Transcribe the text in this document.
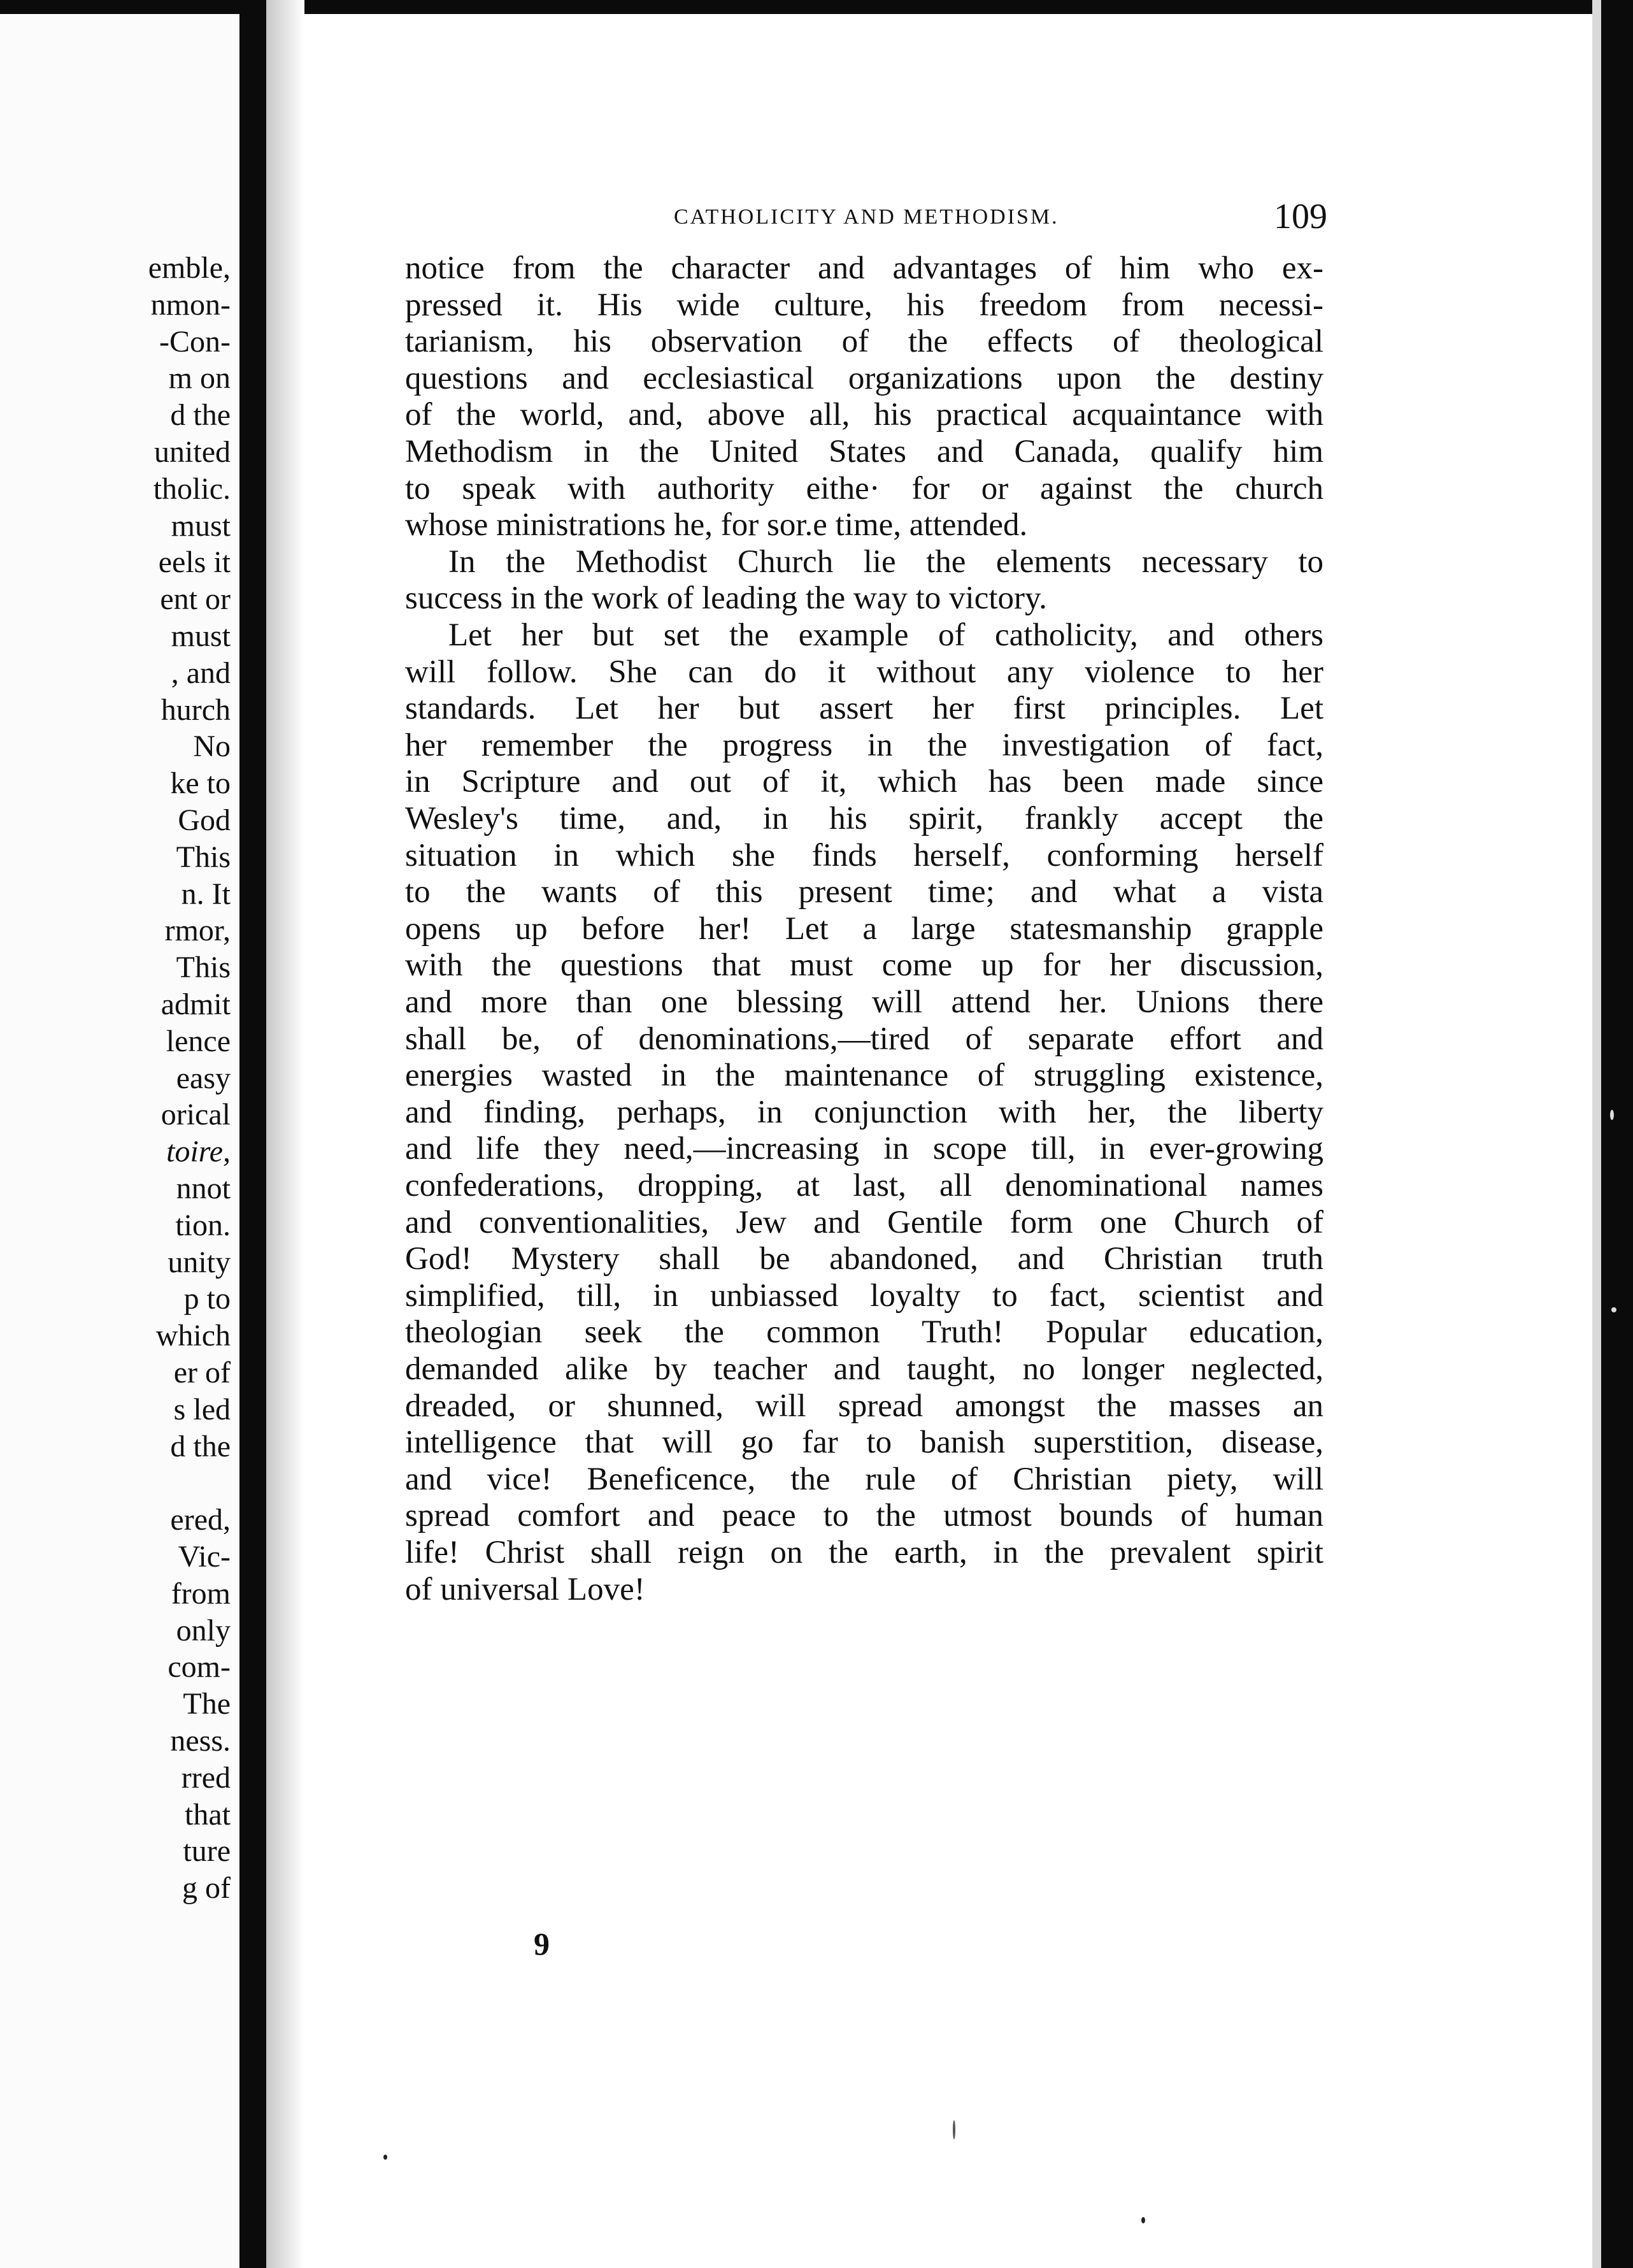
emble,
nmon-
-Con-
m on
d the
united
tholic.
must
eels it
ent or
must
, and
hurch
No
ke to
God
This
n. It
rmor,
This
admit
lence
easy
orical
toire,
nnot
tion.
unity
p to
which
er of
s led
d the
ered,
Vic-
from
only
com-
The
ness.
rred
that
ture
g of
CATHOLICITY AND METHODISM.	109
notice from the character and advantages of him who ex-
pressed it. His wide culture, his freedom from necessi-
tarianism, his observation of the effects of theological
questions and ecclesiastical organizations upon the destiny
of the world, and, above all, his practical acquaintance with
Methodism in the United States and Canada, qualify him
to speak with authority eithe· for or against the church
whose ministrations he, for sor.e time, attended.
In the Methodist Church lie the elements necessary to
success in the work of leading the way to victory.
Let her but set the example of catholicity, and others
will follow. She can do it without any violence to her
standards. Let her but assert her first principles. Let
her remember the progress in the investigation of fact,
in Scripture and out of it, which has been made since
Wesley's time, and, in his spirit, frankly accept the
situation in which she finds herself, conforming herself
to the wants of this present time; and what a vista
opens up before her! Let a large statesmanship grapple
with the questions that must come up for her discussion,
and more than one blessing will attend her. Unions there
shall be, of denominations,—tired of separate effort and
energies wasted in the maintenance of struggling existence,
and finding, perhaps, in conjunction with her, the liberty
and life they need,—increasing in scope till, in ever-growing
confederations, dropping, at last, all denominational names
and conventionalities, Jew and Gentile form one Church of
God! Mystery shall be abandoned, and Christian truth
simplified, till, in unbiassed loyalty to fact, scientist and
theologian seek the common Truth! Popular education,
demanded alike by teacher and taught, no longer neglected,
dreaded, or shunned, will spread amongst the masses an
intelligence that will go far to banish superstition, disease,
and vice! Beneficence, the rule of Christian piety, will
spread comfort and peace to the utmost bounds of human
life! Christ shall reign on the earth, in the prevalent spirit
of universal Love!
9
